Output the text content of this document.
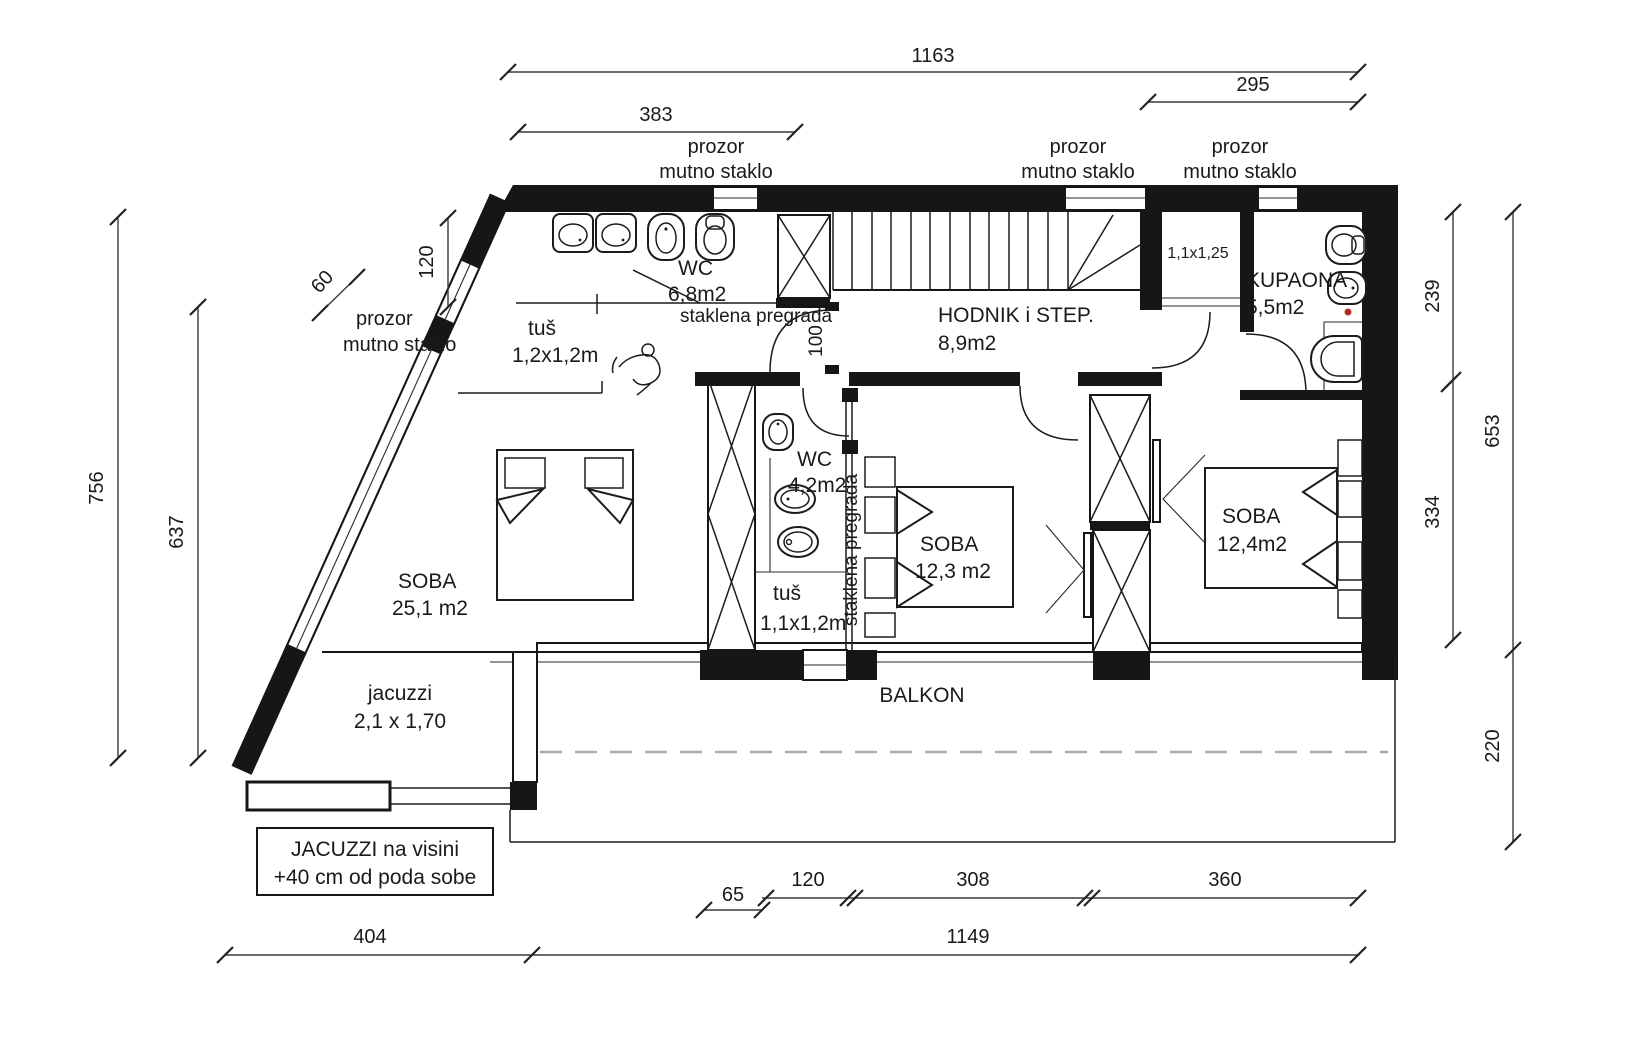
1163
383
295
756
637
120
60
100
239
334
653
220
65
120	308	360
404	1149
prozor
mutno staklo
prozor
mutno staklo
prozor
mutno staklo
prozor
mutno staklo
WC
6,8m2
staklena pregrada
tuš
1,2x1,2m
HODNIK i STEP.
8,9m2
1,1x1,25
KUPAONA
5,5m2
SOBA
25,1 m2
WC
4,2m2
staklena pregrada
tuš
1,1x1,2m
SOBA
12,3 m2
SOBA
12,4m2
jacuzzi
2,1 x 1,70
BALKON
JACUZZI na visini
+40 cm od poda sobe
